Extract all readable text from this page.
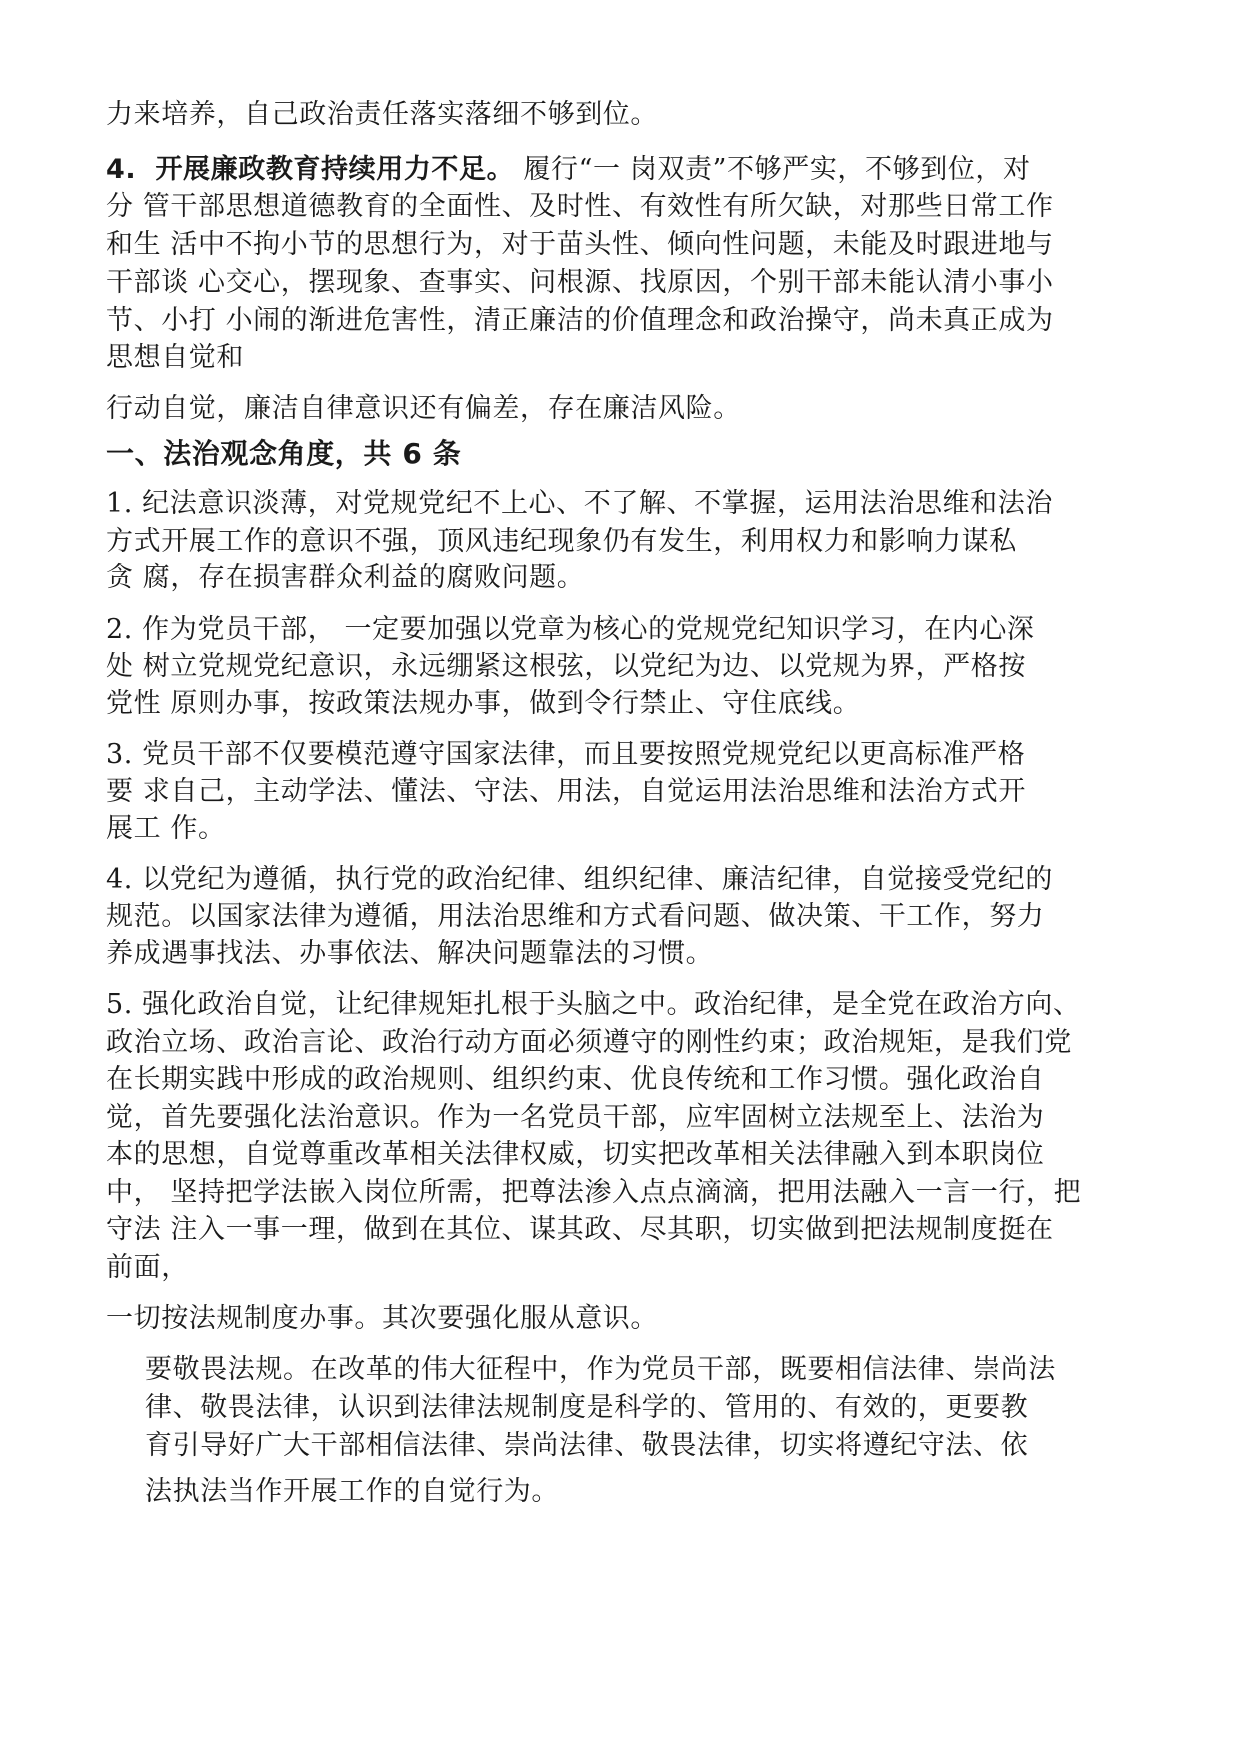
力来培养，自己政治责任落实落细不够到位。
4. 开展廉政教育持续用力不足。 履行“一 岗双责”不够严实，不够到位，对
分 管干部思想道德教育的全面性、及时性、有效性有所欠缺，对那些日常工作
和生 活中不拘小节的思想行为，对于苗头性、倾向性问题，未能及时跟进地与
干部谈 心交心，摆现象、查事实、问根源、找原因，个别干部未能认清小事小
节、小打 小闹的渐进危害性，清正廉洁的价值理念和政治操守，尚未真正成为
思想自觉和
行动自觉，廉洁自律意识还有偏差，存在廉洁风险。
一、法治观念角度，共 6 条
1. 纪法意识淡薄，对党规党纪不上心、不了解、不掌握，运用法治思维和法治
方式开展工作的意识不强，顶风违纪现象仍有发生，利用权力和影响力谋私
贪 腐，存在损害群众利益的腐败问题。
2. 作为党员干部， 一定要加强以党章为核心的党规党纪知识学习，在内心深
处 树立党规党纪意识，永远绷紧这根弦，以党纪为边、以党规为界，严格按
党性 原则办事，按政策法规办事，做到令行禁止、守住底线。
3. 党员干部不仅要模范遵守国家法律，而且要按照党规党纪以更高标准严格
要 求自己，主动学法、懂法、守法、用法，自觉运用法治思维和法治方式开
展工 作。
4. 以党纪为遵循，执行党的政治纪律、组织纪律、廉洁纪律，自觉接受党纪的
规范。以国家法律为遵循，用法治思维和方式看问题、做决策、干工作，努力
养成遇事找法、办事依法、解决问题靠法的习惯。
5. 强化政治自觉，让纪律规矩扎根于头脑之中。政治纪律，是全党在政治方向、
政治立场、政治言论、政治行动方面必须遵守的刚性约束；政治规矩，是我们党
在长期实践中形成的政治规则、组织约束、优良传统和工作习惯。强化政治自
觉，首先要强化法治意识。作为一名党员干部，应牢固树立法规至上、法治为
本的思想，自觉尊重改革相关法律权威，切实把改革相关法律融入到本职岗位
中， 坚持把学法嵌入岗位所需，把尊法渗入点点滴滴，把用法融入一言一行，把
守法 注入一事一理，做到在其位、谋其政、尽其职，切实做到把法规制度挺在
前面，
一切按法规制度办事。其次要强化服从意识。
要敬畏法规。在改革的伟大征程中，作为党员干部，既要相信法律、崇尚法
律、敬畏法律，认识到法律法规制度是科学的、管用的、有效的，更要教
育引导好广大干部相信法律、崇尚法律、敬畏法律，切实将遵纪守法、依
法执法当作开展工作的自觉行为。
